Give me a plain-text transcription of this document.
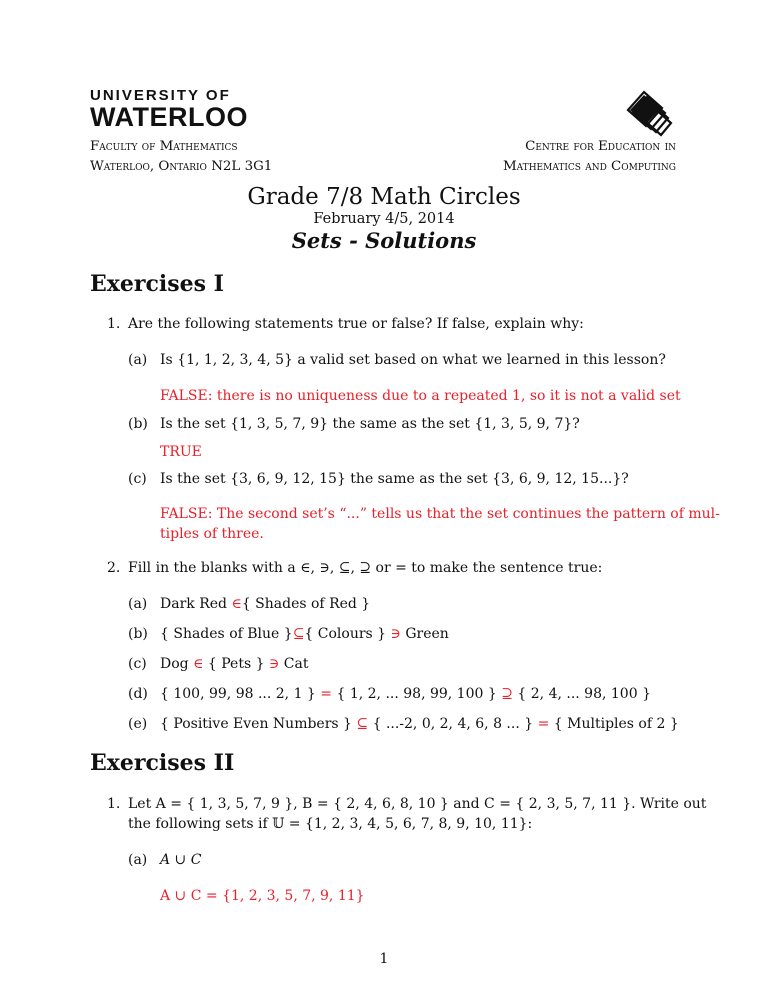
UNIVERSITY OF
WATERLOO
Faculty of Mathematics
Waterloo, Ontario N2L 3G1
Centre for Education in
Mathematics and Computing
Grade 7/8 Math Circles
February 4/5, 2014
Sets - Solutions
Exercises I
1. Are the following statements true or false? If false, explain why:
(a) Is {1, 1, 2, 3, 4, 5} a valid set based on what we learned in this lesson?
FALSE: there is no uniqueness due to a repeated 1, so it is not a valid set
(b) Is the set {1, 3, 5, 7, 9} the same as the set {1, 3, 5, 9, 7}?
TRUE
(c) Is the set {3, 6, 9, 12, 15} the same as the set {3, 6, 9, 12, 15...}?
FALSE: The second set’s “...” tells us that the set continues the pattern of mul-
tiples of three.
2. Fill in the blanks with a ∈, ∋, ⊆, ⊇ or = to make the sentence true:
(a) Dark Red ∈{ Shades of Red }
(b) { Shades of Blue }⊆{ Colours } ∋ Green
(c) Dog ∈ { Pets } ∋ Cat
(d) { 100, 99, 98 ... 2, 1 } = { 1, 2, ... 98, 99, 100 } ⊇ { 2, 4, ... 98, 100 }
(e) { Positive Even Numbers } ⊆ { ...-2, 0, 2, 4, 6, 8 ... } = { Multiples of 2 }
Exercises II
1. Let A = { 1, 3, 5, 7, 9 }, B = { 2, 4, 6, 8, 10 } and C = { 2, 3, 5, 7, 11 }. Write out
the following sets if 𝕌 = {1, 2, 3, 4, 5, 6, 7, 8, 9, 10, 11}:
(a) A ∪ C
A ∪ C = {1, 2, 3, 5, 7, 9, 11}
1
